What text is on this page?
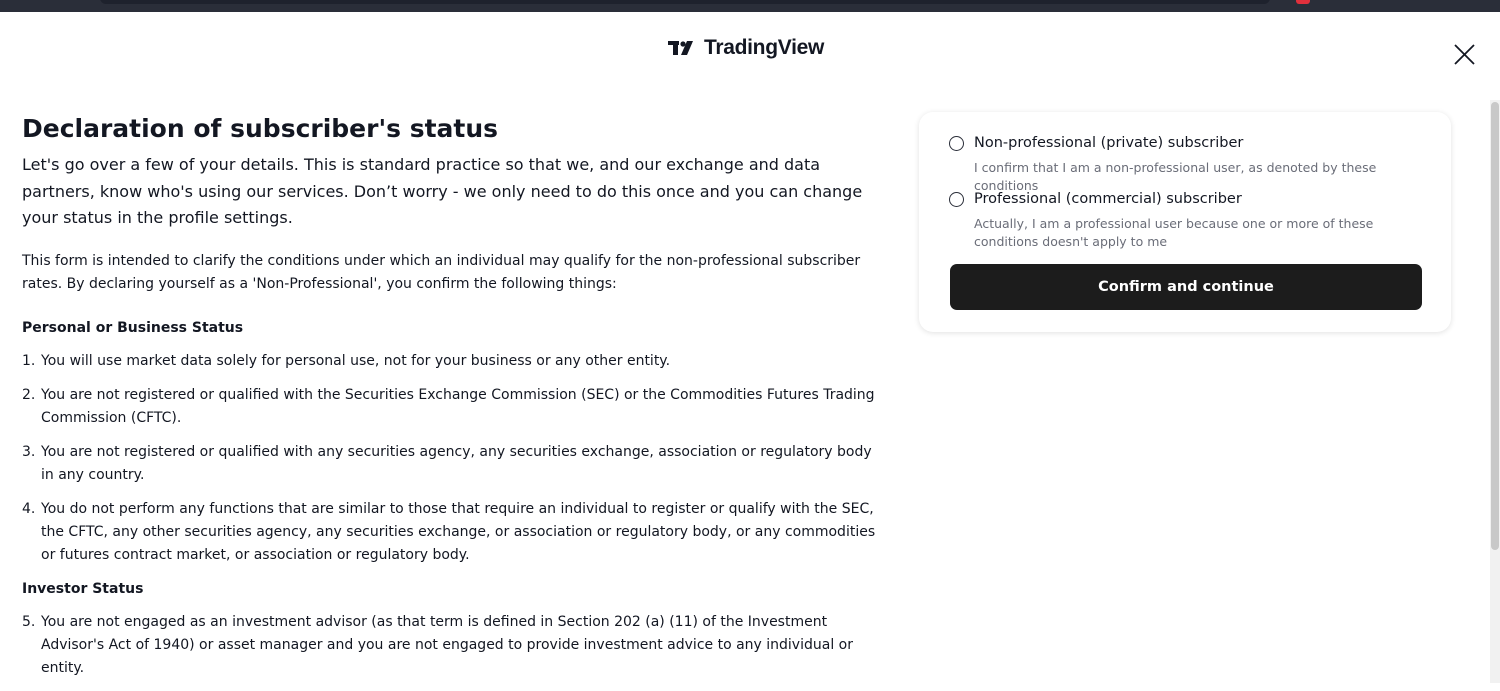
TradingView
Declaration of subscriber's status

Let's go over a few of your details. This is standard practice so that we, and our exchange and data partners, know who's using our services. Don’t worry - we only need to do this once and you can change your status in the profile settings.

This form is intended to clarify the conditions under which an individual may qualify for the non-professional subscriber rates. By declaring yourself as a 'Non-Professional', you confirm the following things:

Personal or Business Status
1. You will use market data solely for personal use, not for your business or any other entity.
2. You are not registered or qualified with the Securities Exchange Commission (SEC) or the Commodities Futures Trading Commission (CFTC).
3. You are not registered or qualified with any securities agency, any securities exchange, association or regulatory body in any country.
4. You do not perform any functions that are similar to those that require an individual to register or qualify with the SEC, the CFTC, any other securities agency, any securities exchange, or association or regulatory body, or any commodities or futures contract market, or association or regulatory body.
Investor Status
5. You are not engaged as an investment advisor (as that term is defined in Section 202 (a) (11) of the Investment Advisor's Act of 1940) or asset manager and you are not engaged to provide investment advice to any individual or entity.
Non-professional (private) subscriber
I confirm that I am a non-professional user, as denoted by these conditions
Professional (commercial) subscriber
Actually, I am a professional user because one or more of these conditions doesn't apply to me
Confirm and continue
